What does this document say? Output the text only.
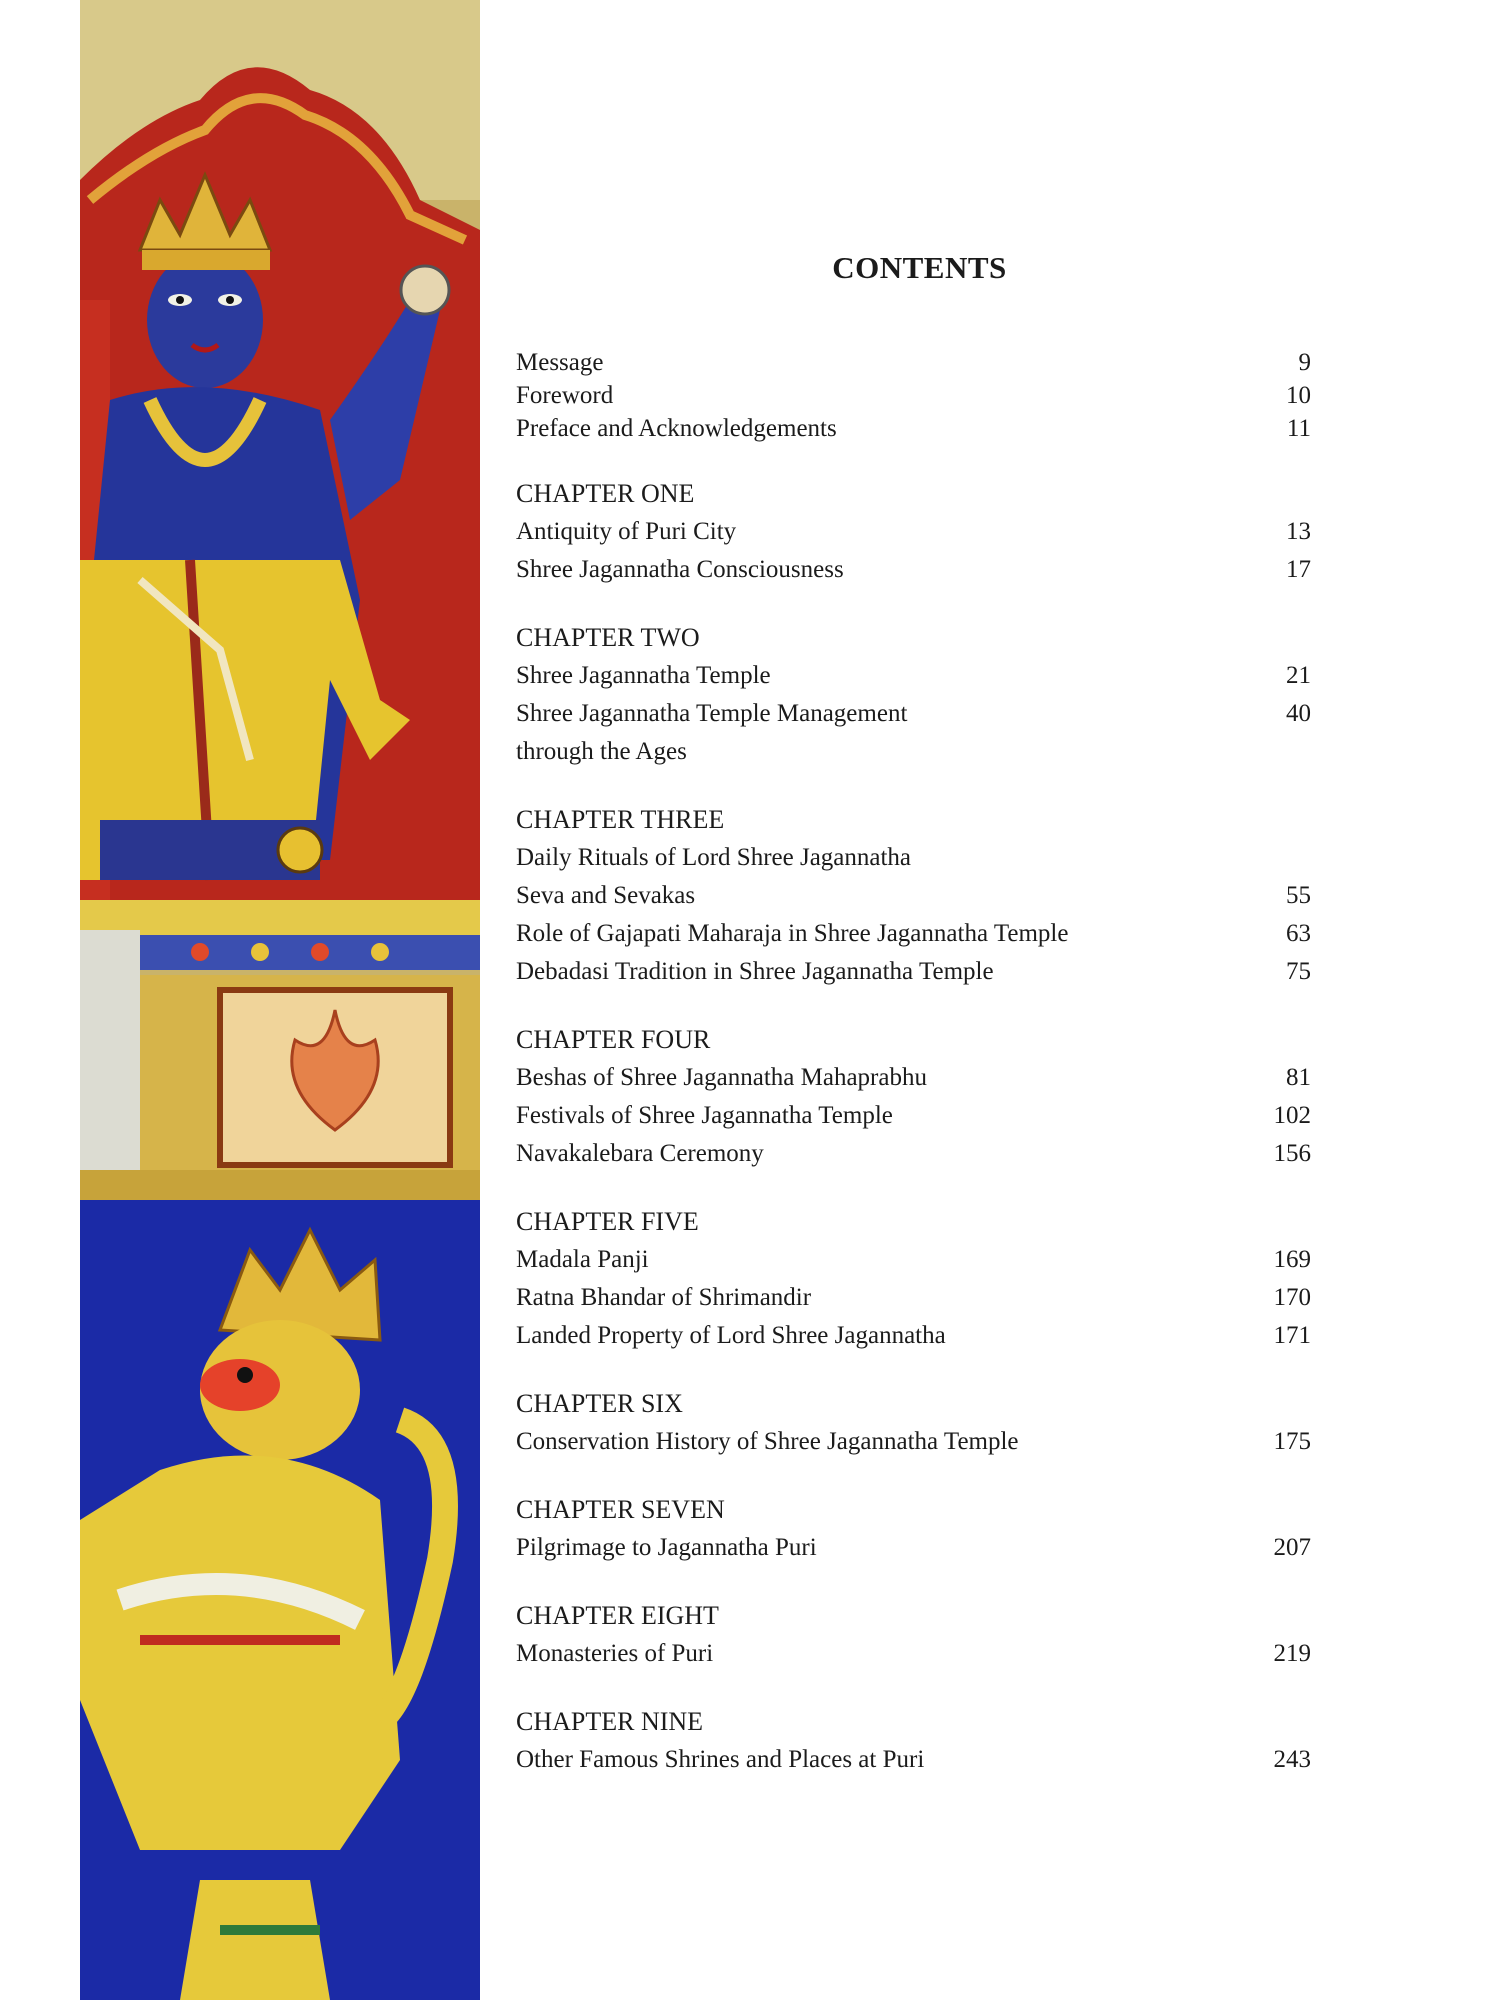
CONTENTS
Message	9
Foreword	10
Preface and Acknowledgements	11
CHAPTER ONE
Antiquity of Puri City	13
Shree Jagannatha Consciousness	17
CHAPTER TWO
Shree Jagannatha Temple	21
Shree Jagannatha Temple Management	40
through the Ages
CHAPTER THREE
Daily Rituals of Lord Shree Jagannatha
Seva and Sevakas	55
Role of Gajapati Maharaja in Shree Jagannatha Temple	63
Debadasi Tradition in Shree Jagannatha Temple	75
CHAPTER FOUR
Beshas of Shree Jagannatha Mahaprabhu	81
Festivals of Shree Jagannatha Temple	102
Navakalebara Ceremony	156
CHAPTER FIVE
Madala Panji	169
Ratna Bhandar of Shrimandir	170
Landed Property of Lord Shree Jagannatha	171
CHAPTER SIX
Conservation History of Shree Jagannatha Temple	175
CHAPTER SEVEN
Pilgrimage to Jagannatha Puri	207
CHAPTER EIGHT
Monasteries of Puri	219
CHAPTER NINE
Other Famous Shrines and Places at Puri	243
